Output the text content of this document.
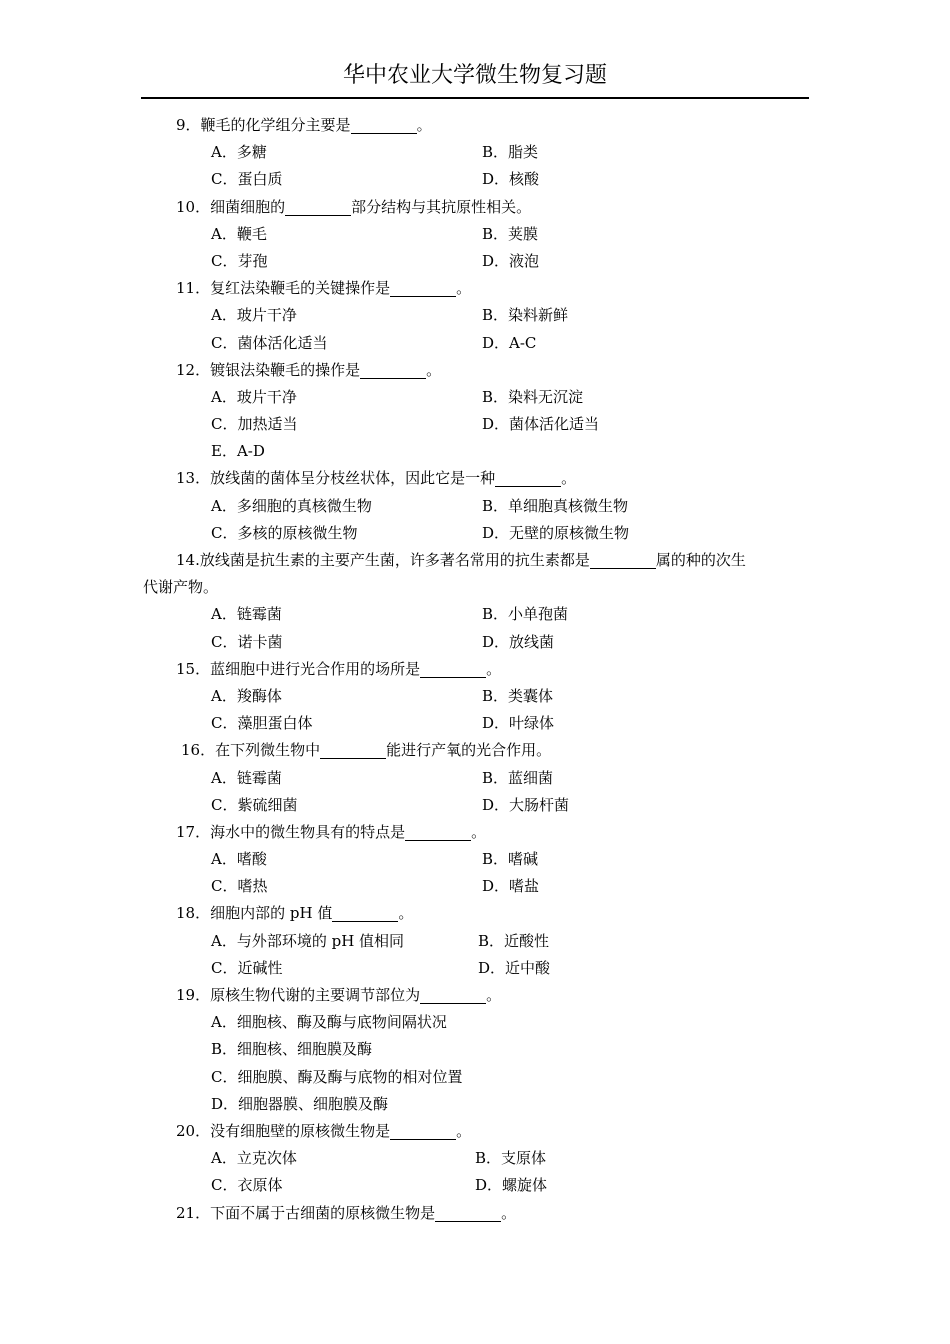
华中农业大学微生物复习题
9．鞭毛的化学组分主要是	。
A．多糖	B．脂类
C．蛋白质	D．核酸
10．细菌细胞的	部分结构与其抗原性相关。
A．鞭毛	B．荚膜
C．芽孢	D．液泡
11．复红法染鞭毛的关键操作是	。
A．玻片干净	B．染料新鲜
C．菌体活化适当	D．A-C
12．镀银法染鞭毛的操作是	。
A．玻片干净	B．染料无沉淀
C．加热适当	D．菌体活化适当
E．A-D
13．放线菌的菌体呈分枝丝状体，因此它是一种	。
A．多细胞的真核微生物	B．单细胞真核微生物
C．多核的原核微生物	D．无壁的原核微生物
14.放线菌是抗生素的主要产生菌，许多著名常用的抗生素都是	属的种的次生
代谢产物。
A．链霉菌	B．小单孢菌
C．诺卡菌	D．放线菌
15．蓝细胞中进行光合作用的场所是	。
A．羧酶体	B．类囊体
C．藻胆蛋白体	D．叶绿体
16．在下列微生物中	能进行产氧的光合作用。
A．链霉菌	B．蓝细菌
C．紫硫细菌	D．大肠杆菌
17．海水中的微生物具有的特点是	。
A．嗜酸	B．嗜碱
C．嗜热	D．嗜盐
18．细胞内部的 pH 值	。
A．与外部环境的 pH 值相同	B．近酸性
C．近碱性	D．近中酸
19．原核生物代谢的主要调节部位为	。
A．细胞核、酶及酶与底物间隔状况
B．细胞核、细胞膜及酶
C．细胞膜、酶及酶与底物的相对位置
D．细胞器膜、细胞膜及酶
20．没有细胞壁的原核微生物是	。
A．立克次体	B．支原体
C．衣原体	D．螺旋体
21．下面不属于古细菌的原核微生物是	。
